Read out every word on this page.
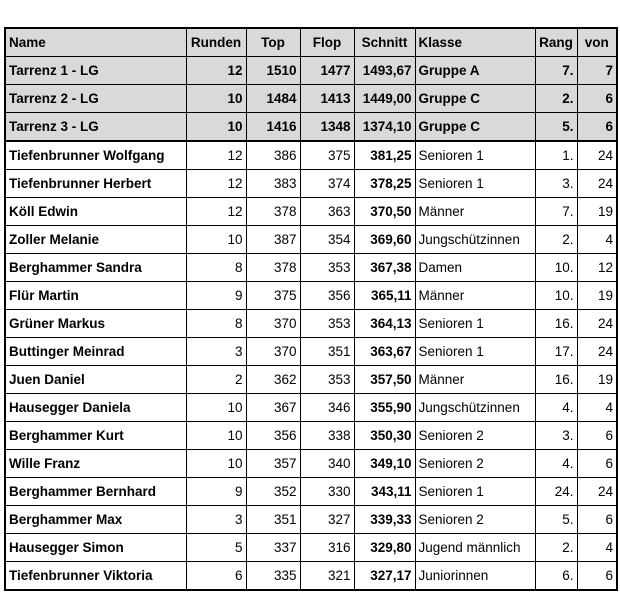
Name	Runden	Top	Flop	Schnitt	Klasse	Rang	von
Tarrenz 1 - LG	12	1510	1477	1493,67	Gruppe A	7.	7
Tarrenz 2 - LG	10	1484	1413	1449,00	Gruppe C	2.	6
Tarrenz 3 - LG	10	1416	1348	1374,10	Gruppe C	5.	6
Tiefenbrunner Wolfgang	12	386	375	381,25	Senioren 1	1.	24
Tiefenbrunner Herbert	12	383	374	378,25	Senioren 1	3.	24
Köll Edwin	12	378	363	370,50	Männer	7.	19
Zoller Melanie	10	387	354	369,60	Jungschützinnen	2.	4
Berghammer Sandra	8	378	353	367,38	Damen	10.	12
Flür Martin	9	375	356	365,11	Männer	10.	19
Grüner Markus	8	370	353	364,13	Senioren 1	16.	24
Buttinger Meinrad	3	370	351	363,67	Senioren 1	17.	24
Juen Daniel	2	362	353	357,50	Männer	16.	19
Hausegger Daniela	10	367	346	355,90	Jungschützinnen	4.	4
Berghammer Kurt	10	356	338	350,30	Senioren 2	3.	6
Wille Franz	10	357	340	349,10	Senioren 2	4.	6
Berghammer Bernhard	9	352	330	343,11	Senioren 1	24.	24
Berghammer Max	3	351	327	339,33	Senioren 2	5.	6
Hausegger Simon	5	337	316	329,80	Jugend männlich	2.	4
Tiefenbrunner Viktoria	6	335	321	327,17	Juniorinnen	6.	6
